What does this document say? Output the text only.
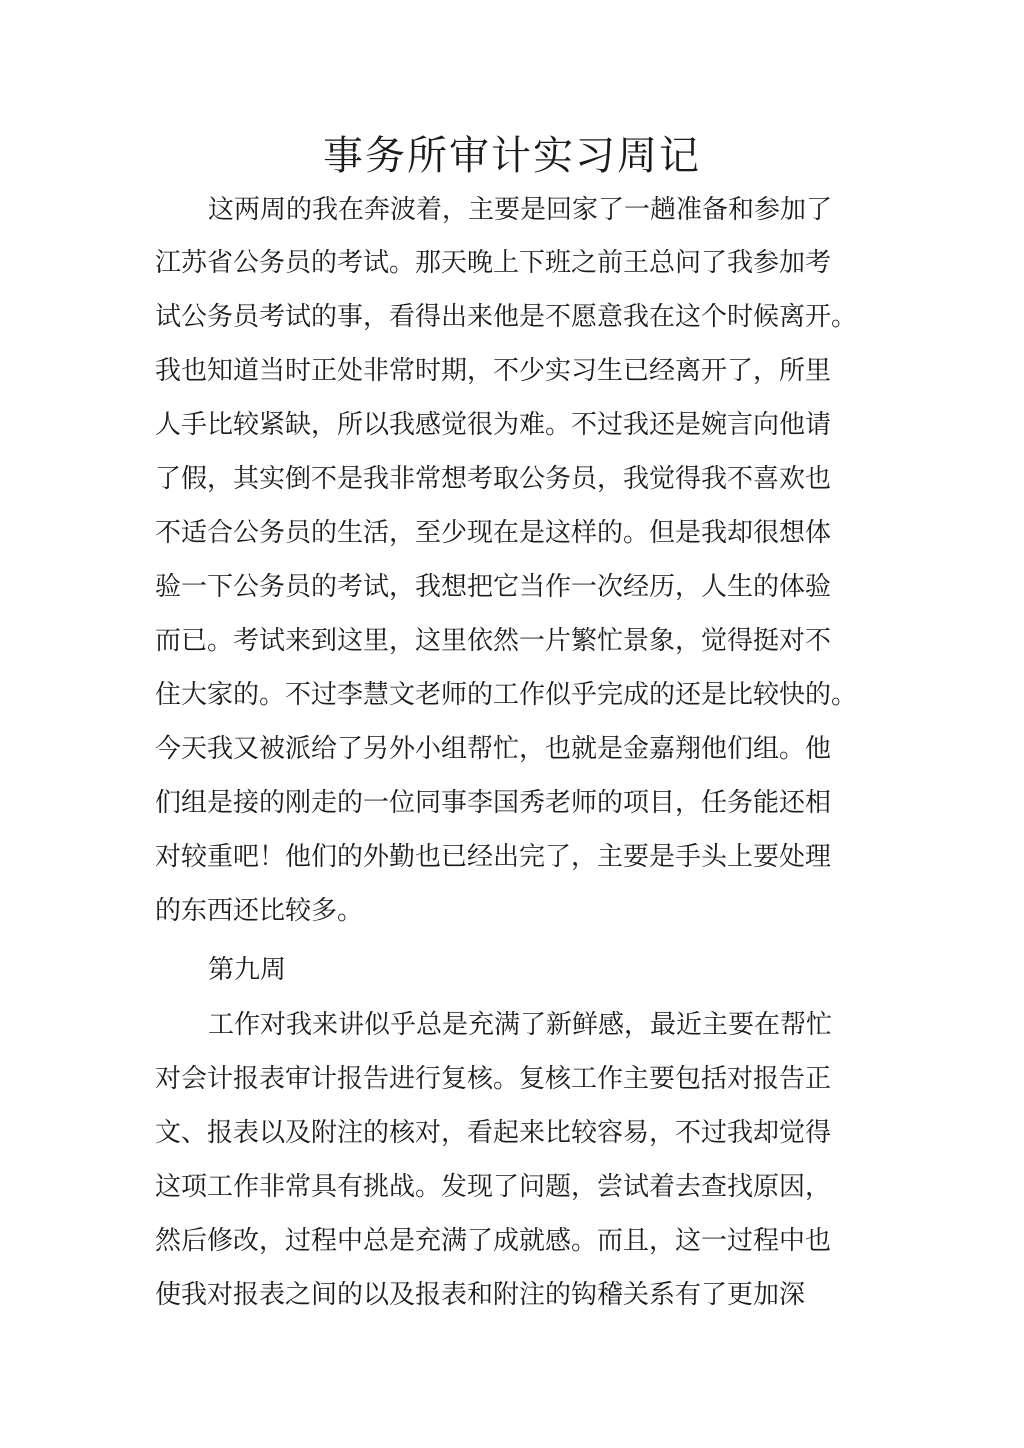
事务所审计实习周记

这两周的我在奔波着，主要是回家了一趟准备和参加了

江苏省公务员的考试。那天晚上下班之前王总问了我参加考

试公务员考试的事，看得出来他是不愿意我在这个时候离开。

我也知道当时正处非常时期，不少实习生已经离开了，所里

人手比较紧缺，所以我感觉很为难。不过我还是婉言向他请

了假，其实倒不是我非常想考取公务员，我觉得我不喜欢也

不适合公务员的生活，至少现在是这样的。但是我却很想体

验一下公务员的考试，我想把它当作一次经历，人生的体验

而已。考试来到这里，这里依然一片繁忙景象，觉得挺对不

住大家的。不过李慧文老师的工作似乎完成的还是比较快的。

今天我又被派给了另外小组帮忙，也就是金嘉翔他们组。他

们组是接的刚走的一位同事李国秀老师的项目，任务能还相

对较重吧！他们的外勤也已经出完了，主要是手头上要处理

的东西还比较多。

第九周

工作对我来讲似乎总是充满了新鲜感，最近主要在帮忙

对会计报表审计报告进行复核。复核工作主要包括对报告正

文、报表以及附注的核对，看起来比较容易，不过我却觉得

这项工作非常具有挑战。发现了问题，尝试着去查找原因，

然后修改，过程中总是充满了成就感。而且，这一过程中也

使我对报表之间的以及报表和附注的钩稽关系有了更加深
